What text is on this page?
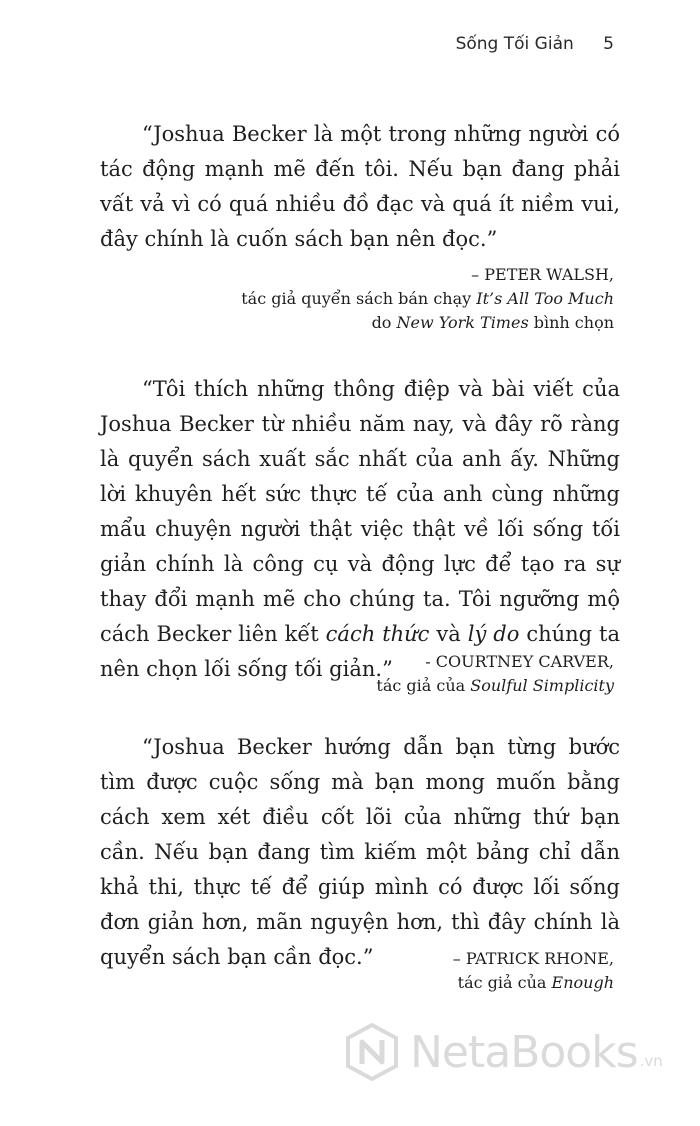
Sống Tối Giản 5

“Joshua Becker là một trong những người có tác động mạnh mẽ đến tôi. Nếu bạn đang phải vất vả vì có quá nhiều đồ đạc và quá ít niềm vui, đây chính là cuốn sách bạn nên đọc.”

– PETER WALSH,
tác giả quyển sách bán chạy It’s All Too Much
do New York Times bình chọn

“Tôi thích những thông điệp và bài viết của Joshua Becker từ nhiều năm nay, và đây rõ ràng là quyển sách xuất sắc nhất của anh ấy. Những lời khuyên hết sức thực tế của anh cùng những mẩu chuyện người thật việc thật về lối sống tối giản chính là công cụ và động lực để tạo ra sự thay đổi mạnh mẽ cho chúng ta. Tôi ngưỡng mộ cách Becker liên kết cách thức và lý do chúng ta nên chọn lối sống tối giản.”	- COURTNEY CARVER,
tác giả của Soulful Simplicity

“Joshua Becker hướng dẫn bạn từng bước tìm được cuộc sống mà bạn mong muốn bằng cách xem xét điều cốt lõi của những thứ bạn cần. Nếu bạn đang tìm kiếm một bảng chỉ dẫn khả thi, thực tế để giúp mình có được lối sống đơn giản hơn, mãn nguyện hơn, thì đây chính là quyển sách bạn cần đọc.”	– PATRICK RHONE,
tác giả của Enough
NetaBooks .vn
